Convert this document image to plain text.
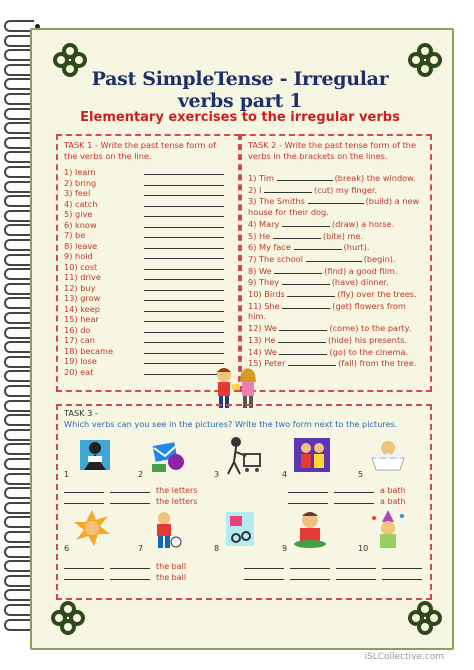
Past SimpleTense - Irregular verbs part 1
Elementary exercises to the irregular verbs
TASK 1 - Write the past tense form of the verbs on the line.
1) learn
2) bring
3) feel
4) catch
5) give
6) know
7) be
8) leave
9) hold
10) cost
11) drive
12) buy
13) grow
14) keep
15) hear
16) do
17) can
18) became
19) lose
20) eat
TASK 2 - Write the past tense form of the verbs in the brackets on the lines.
1) Tim	(break) the window.
2) I	(cut) my finger.
3) The Smiths	(build) a new
house for their dog.
4) Mary	(draw) a horse.
5) He	(bite) me.
6) My face	(hurt).
7) The school	(begin).
8) We	(find) a good film.
9) They	(have) dinner.
10) Birds	(fly) over the trees.
11) She	(get) flowers from
him.
12) We	(come) to the party.
13) He	(hide) his presents.
14) We	(go) to the cinema.
15) Peter	(fall) from the tree.
TASK 3 -
Which verbs can you see in the pictures? Write the two form next to the pictures.
1	2	3	4	5
the letters
the letters
a bath
a bath
6	7	8	9	10
the ball
the ball
iSLCollective.com
